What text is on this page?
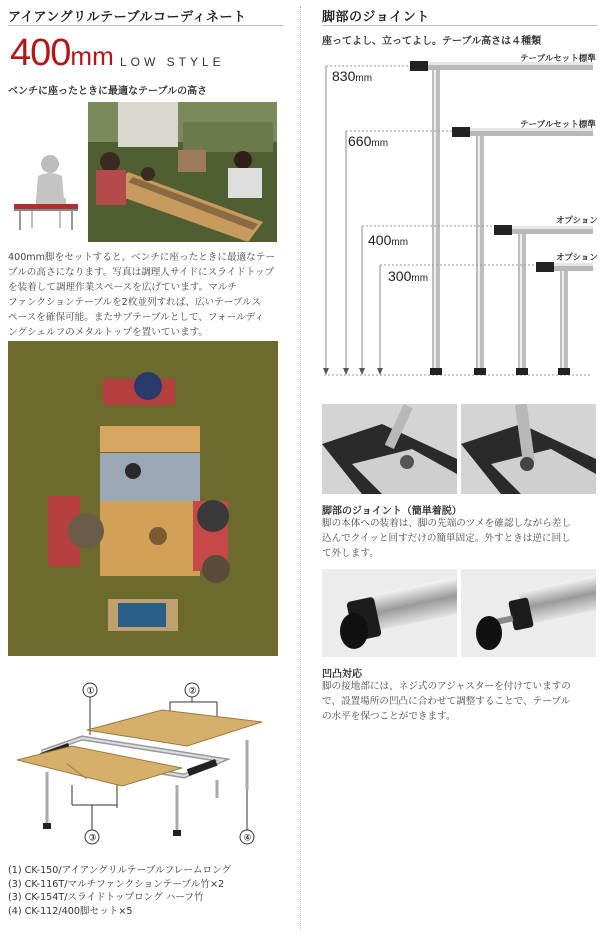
アイアングリルテーブルコーディネート
400mm LOW STYLE
ベンチに座ったときに最適なテーブルの高さ
400mm脚をセットすると、ベンチに座ったときに最適なテー
ブルの高さになります。写真は調理人サイドにスライドトップ
を装着して調理作業スペースを広げています。マルチ
ファンクションテーブルを2枚並列すれば、広いテーブルス
ペースを確保可能。またサブテーブルとして、フォールディ
ングシェルフのメタルトップを置いています。
①	②
③	④
(1) CK-150/アイアングリルテーブルフレームロング
(3) CK-116T/マルチファンクションテーブル竹×2
(3) CK-154T/スライドトップロング ハーフ竹
(4) CK-112/400脚セット×5
脚部のジョイント
座ってよし、立ってよし。テーブル高さは４種類
830mm
660mm
400mm
300mm
テーブルセット標準
テーブルセット標準
オプション
オプション
脚部のジョイント（簡単着脱）
脚の本体への装着は、脚の先端のツメを確認しながら差し
込んでクイッと回すだけの簡単固定。外すときは逆に回し
て外します。
凹凸対応
脚の接地部には、ネジ式のアジャスターを付けていますの
で、設置場所の凹凸に合わせて調整することで、テーブル
の水平を保つことができます。
